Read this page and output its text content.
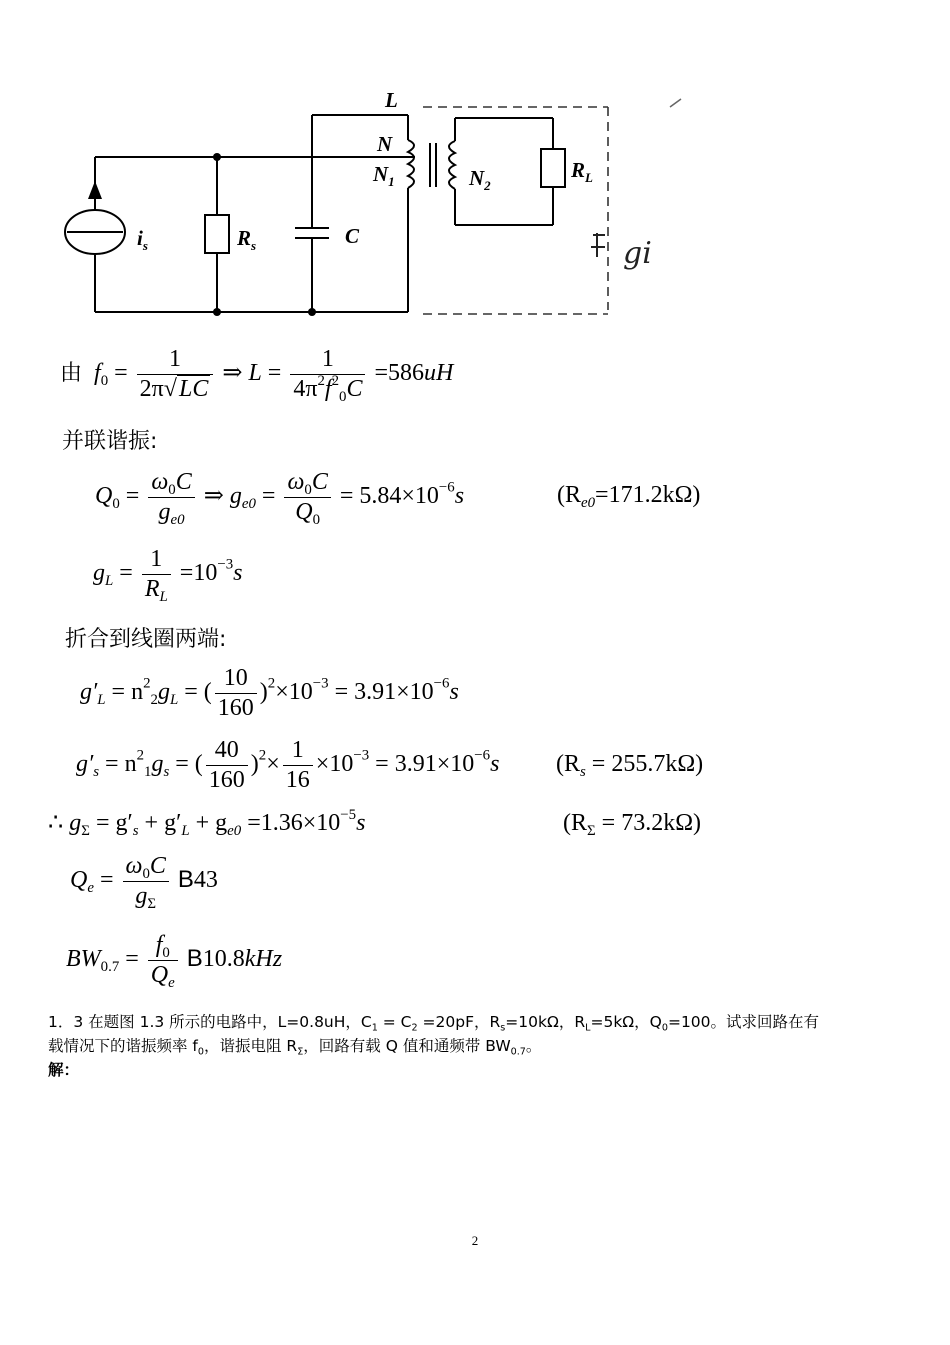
L
N
$N_1$	$N_2$
$R_L$
$i_s$	$R_s$	C	gi
由 $f_0 = \frac{1}{2\pi√LC}$ ⇒ $L = \frac{1}{4\pi^2f^2_0C} =586uH$
并联谐振:
$Q_0 = \frac{\omega_0C}{g_{e0}}$ ⇒ $g_{e0} = \frac{\omega_0C}{Q_0} = 5.84\times 10^{-6}s$	$(R_{e0}=171.2k\Omega)$
$g_L = \frac{1}{R_L} =10^{-3}s$
折合到线圈两端:
$g'_L = n^2_2g_L$ = ( $\frac{10}{160} )^2\times 10^{-3} = 3.91\times 10^{-6}s$
$g'_s = n^2_1g_s$ = ( $\frac{40}{160} )^2\times \frac{1}{16} \times 10^{-3} = 3.91\times 10^{-6}s$ $(R_s = 255.7k\Omega)$
∴ $g_\Sigma = g'_s + g'_L + g_{e0} =1.36\times 10^{-5}s$	$(R_\Sigma = 73.2k\Omega)$
$Q_e = \frac{\omega_0C}{g_\Sigma} B43$
$BW_{0.7} = \frac{f_0}{Q_e} B10.8kHz$
1．3 在题图 1.3 所示的电路中，L=0.8uH，$C_1 = C_2 =20pF$，$R_s=10k\Omega$，$R_L=5k\Omega$，$Q_0=100$。试求回路在有
载情况下的谐振频率 $f_0$，谐振电阻 $R_\Sigma$，回路有载 Q 值和通频带 $BW_{0.7}$。
解：
2
